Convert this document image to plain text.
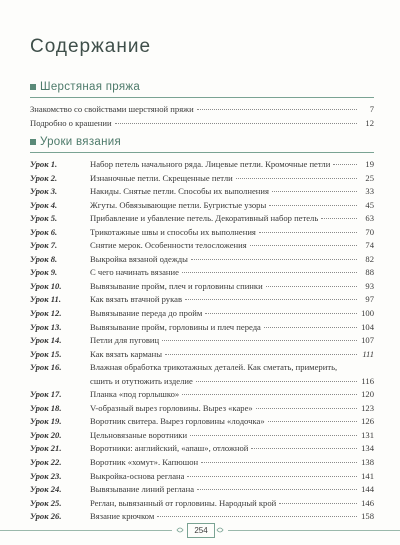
Содержание
Шерстяная пряжа
Знакомство со свойствами шерстяной пряжи	7
Подробно о крашении	12
Уроки вязания
Урок 1.	Набор петель начального ряда. Лицевые петли. Кромочные петли	19
Урок 2.	Изнаночные петли. Скрещенные петли	25
Урок 3.	Накиды. Снятые петли. Способы их выполнения	33
Урок 4.	Жгуты. Обвязывающие петли. Бугристые узоры	45
Урок 5.	Прибавление и убавление петель. Декоративный набор петель	63
Урок 6.	Трикотажные швы и способы их выполнения	70
Урок 7.	Снятие мерок. Особенности телосложения	74
Урок 8.	Выкройка вязаной одежды	82
Урок 9.	С чего начинать вязание	88
Урок 10.	Вывязывание пройм, плеч и горловины спинки	93
Урок 11.	Как вязать втачной рукав	97
Урок 12.	Вывязывание переда до пройм	100
Урок 13.	Вывязывание пройм, горловины и плеч переда	104
Урок 14.	Петли для пуговиц	107
Урок 15.	Как вязать карманы	111
Урок 16.	Влажная обработка трикотажных деталей. Как сметать, примерить,
сшить и отутюжить изделие	116
Урок 17.	Планка «под горлышко»	120
Урок 18.	V-образный вырез горловины. Вырез «каре»	123
Урок 19.	Воротник свитера. Вырез горловины «лодочка»	126
Урок 20.	Цельновязаные воротники	131
Урок 21.	Воротники: английский, «апаш», отложной	134
Урок 22.	Воротник «хомут». Капюшон	138
Урок 23.	Выкройка-основа реглана	141
Урок 24.	Вывязывание линий реглана	144
Урок 25.	Реглан, вывязанный от горловины. Народный крой	146
Урок 26.	Вязание крючком	158
254
